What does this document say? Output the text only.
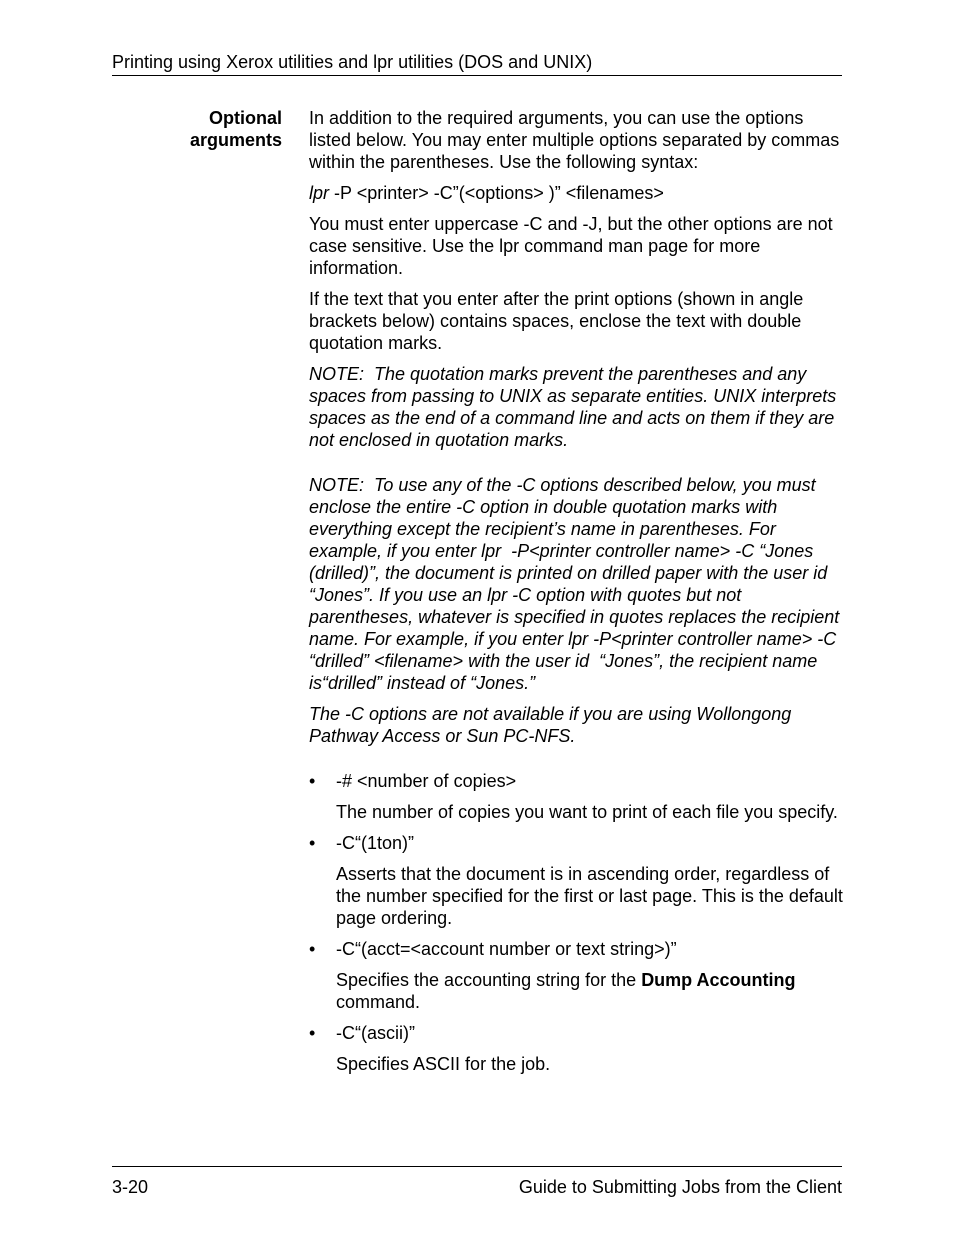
Printing using Xerox utilities and lpr utilities (DOS and UNIX)
Optional
arguments

In addition to the required arguments, you can use the options listed below. You may enter multiple options separated by commas within the parentheses. Use the following syntax:

lpr -P <printer> -C”(<options> )” <filenames>

You must enter uppercase -C and -J, but the other options are not case sensitive. Use the lpr command man page for more information.

If the text that you enter after the print options (shown in angle brackets below) contains spaces, enclose the text with double quotation marks.

NOTE:  The quotation marks prevent the parentheses and any spaces from passing to UNIX as separate entities. UNIX interprets spaces as the end of a command line and acts on them if they are not enclosed in quotation marks.

NOTE:  To use any of the -C options described below, you must enclose the entire -C option in double quotation marks with everything except the recipient’s name in parentheses. For example, if you enter lpr  -P<printer controller name> -C “Jones (drilled)”, the document is printed on drilled paper with the user id “Jones”. If you use an lpr -C option with quotes but not parentheses, whatever is specified in quotes replaces the recipient name. For example, if you enter lpr -P<printer controller name> -C “drilled” <filename> with the user id  “Jones”, the recipient name is“drilled” instead of “Jones.”

The -C options are not available if you are using Wollongong Pathway Access or Sun PC-NFS.

• -# <number of copies>

The number of copies you want to print of each file you specify.

• -C“(1ton)”

Asserts that the document is in ascending order, regardless of the number specified for the first or last page. This is the default page ordering.

• -C“(acct=<account number or text string>)”

Specifies the accounting string for the Dump Accounting command.

• -C“(ascii)”

Specifies ASCII for the job.

3-20	Guide to Submitting Jobs from the Client
